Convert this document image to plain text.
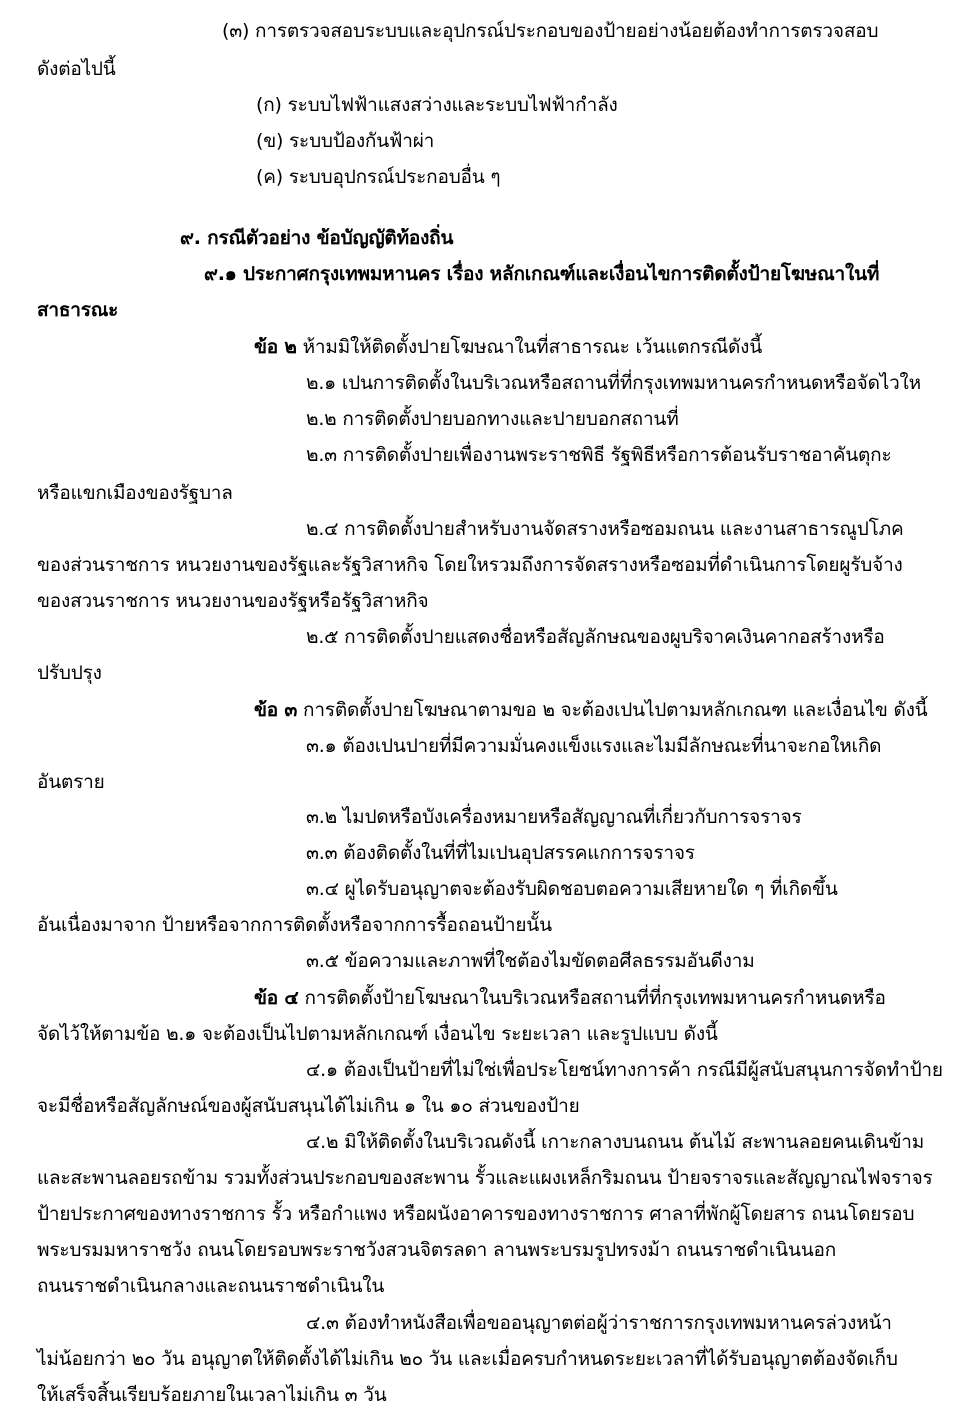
(๓) การตรวจสอบระบบและอุปกรณ์ประกอบของป้ายอย่างน้อยต้องทำการตรวจสอบ
ดังต่อไปนี้
(ก) ระบบไฟฟ้าแสงสว่างและระบบไฟฟ้ากำลัง
(ข) ระบบป้องกันฟ้าผ่า
(ค) ระบบอุปกรณ์ประกอบอื่น ๆ
๙. กรณีตัวอย่าง ข้อบัญญัติท้องถิ่น
๙.๑ ประกาศกรุงเทพมหานคร เรื่อง หลักเกณฑ์และเงื่อนไขการติดตั้งป้ายโฆษณาในที่
สาธารณะ
ข้อ ๒ ห้ามมิให้ติดตั้งปายโฆษณาในที่สาธารณะ เว้นแตกรณีดังนี้
๒.๑ เปนการติดตั้งในบริเวณหรือสถานที่ที่กรุงเทพมหานครกำหนดหรือจัดไวให
๒.๒ การติดตั้งปายบอกทางและปายบอกสถานที่
๒.๓ การติดตั้งปายเพื่องานพระราชพิธี รัฐพิธีหรือการต้อนรับราชอาคันตุกะ
หรือแขกเมืองของรัฐบาล
๒.๔ การติดตั้งปายสำหรับงานจัดสรางหรือซอมถนน และงานสาธารณูปโภค
ของส่วนราชการ หนวยงานของรัฐและรัฐวิสาหกิจ โดยใหรวมถึงการจัดสรางหรือซอมที่ดำเนินการโดยผูรับจ้าง
ของสวนราชการ หนวยงานของรัฐหรือรัฐวิสาหกิจ
๒.๕ การติดตั้งปายแสดงชื่อหรือสัญลักษณของผูบริจาคเงินคากอสร้างหรือ
ปรับปรุง
ข้อ ๓ การติดตั้งปายโฆษณาตามขอ ๒ จะต้องเปนไปตามหลักเกณฑ และเงื่อนไข ดังนี้
๓.๑ ต้องเปนปายที่มีความมั่นคงแข็งแรงและไมมีลักษณะที่นาจะกอใหเกิด
อันตราย
๓.๒ ไมปดหรือบังเครื่องหมายหรือสัญญาณที่เกี่ยวกับการจราจร
๓.๓ ต้องติดตั้งในที่ที่ไมเปนอุปสรรคแกการจราจร
๓.๔ ผูไดรับอนุญาตจะต้องรับผิดชอบตอความเสียหายใด ๆ ที่เกิดขึ้น
อันเนื่องมาจาก ป้ายหรือจากการติดตั้งหรือจากการรื้อถอนป้ายนั้น
๓.๕ ข้อความและภาพที่ใชต้องไมขัดตอศีลธรรมอันดีงาม
ข้อ ๔ การติดตั้งป้ายโฆษณาในบริเวณหรือสถานที่ที่กรุงเทพมหานครกำหนดหรือ
จัดไว้ให้ตามข้อ ๒.๑ จะต้องเป็นไปตามหลักเกณฑ์ เงื่อนไข ระยะเวลา และรูปแบบ ดังนี้
๔.๑ ต้องเป็นป้ายที่ไม่ใช่เพื่อประโยชน์ทางการค้า กรณีมีผู้สนับสนุนการจัดทำป้าย
จะมีชื่อหรือสัญลักษณ์ของผู้สนับสนุนได้ไม่เกิน ๑ ใน ๑๐ ส่วนของป้าย
๔.๒ มิให้ติดตั้งในบริเวณดังนี้ เกาะกลางบนถนน ต้นไม้ สะพานลอยคนเดินข้าม
และสะพานลอยรถข้าม รวมทั้งส่วนประกอบของสะพาน รั้วและแผงเหล็กริมถนน ป้ายจราจรและสัญญาณไฟจราจร
ป้ายประกาศของทางราชการ รั้ว หรือกำแพง หรือผนังอาคารของทางราชการ ศาลาที่พักผู้โดยสาร ถนนโดยรอบ
พระบรมมหาราชวัง ถนนโดยรอบพระราชวังสวนจิตรลดา ลานพระบรมรูปทรงม้า ถนนราชดำเนินนอก
ถนนราชดำเนินกลางและถนนราชดำเนินใน
๔.๓ ต้องทำหนังสือเพื่อขออนุญาตต่อผู้ว่าราชการกรุงเทพมหานครล่วงหน้า
ไม่น้อยกว่า ๒๐ วัน อนุญาตให้ติดตั้งได้ไม่เกิน ๒๐ วัน และเมื่อครบกำหนดระยะเวลาที่ได้รับอนุญาตต้องจัดเก็บ
ให้เสร็จสิ้นเรียบร้อยภายในเวลาไม่เกิน ๓ วัน
